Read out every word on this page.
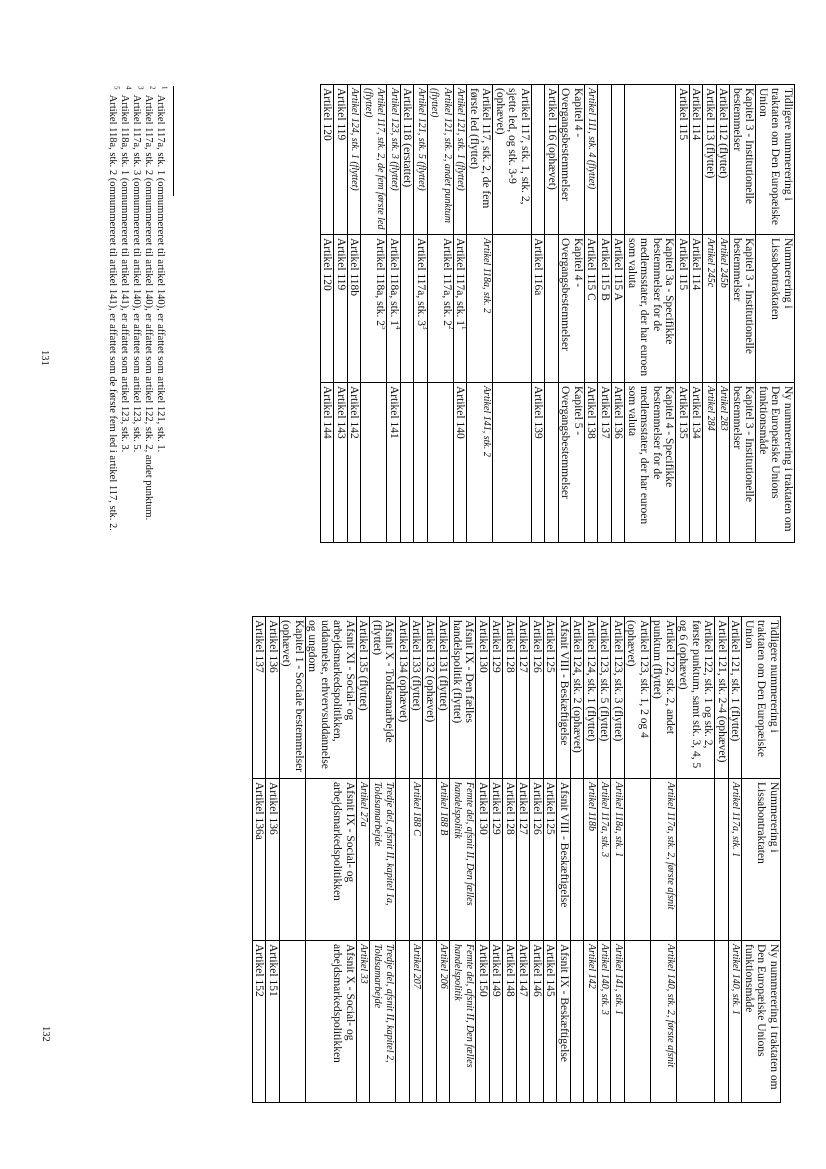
Tidligere nummerering i traktaten om Den Europæiske Union	Nummerering i Lissabontraktaten	Ny nummerering i traktaten om Den Europæiske Unions funktionsmåde
Kapitel 3 - Institutionelle bestemmelser	Kapitel 3 - Institutionelle bestemmelser	Kapitel 3 - Institutionelle bestemmelser
Artikel 112 (flyttet)	Artikel 245b	Artikel 283
Artikel 113 (flyttet)	Artikel 245c	Artikel 284
Artikel 114	Artikel 114	Artikel 134
Artikel 115	Artikel 115	Artikel 135
	Kapitel 3a - Specifikke bestemmelser for de medlemsstater, der har euroen som valuta	Kapitel 4 - Specifikke bestemmelser for de medlemsstater, der har euroen som valuta
	Artikel 115 A	Artikel 136
	Artikel 115 B	Artikel 137
Artikel 111, stk. 4 (flyttet)	Artikel 115 C	Artikel 138
Kapitel 4 - Overgangsbestemmelser	Kapitel 4 - Overgangsbestemmelser	Kapitel 5 - Overgangsbestemmelser
Artikel 116 (ophævet)		
	Artikel 116a	Artikel 139
Artikel 117, stk. 1, stk. 2, sjette led, og stk. 3-9 (ophævet)		
Artikel 117, stk. 2, de fem første led (flyttet)	Artikel 118a, stk. 2	Artikel 141, stk. 2
Artikel 121, stk. 1 (flyttet)	Artikel 117a, stk. $1^1$	Artikel 140
Artikel 121, stk. 2, andet punktum (flyttet)	Artikel 117a, stk. $2^2$	
Artikel 121, stk. 5 (flyttet)	Artikel 117a, stk. $3^3$	
Artikel 118 (erstattet)		
Artikel 123, stk. 3 (flyttet)	Artikel 118a, stk. $1^4$	Artikel 141
Artikel 117, stk. 2, de fem første led (flyttet)	Artikel 118a, stk. $2^5$	
Artikel 124, stk. 1 (flyttet)	Artikel 118b	Artikel 142
Artikel 119	Artikel 119	Artikel 143
Artikel 120	Artikel 120	Artikel 144

$^1$  Artikel 117a, stk. 1 (omnummereret til artikel 140), er affattet som artikel 121, stk. 1.

$^2$  Artikel 117a, stk. 2 (omnummereret til artikel 140), er affattet som artikel 122, stk. 2, andet punktum.

$^3$  Artikel 117a, stk. 3 (omnummereret til artikel 140), er affattet som artikel 123, stk. 5.

$^4$  Artikel 118a, stk. 1 (omnummereret til artikel 141), er affattet som artikel 123, stk. 3.

$^5$  Artikel 118a, stk. 2 (omnummereret til artikel 141), er affattet som de første fem led i artikel 117, stk. 2.

131
Tidligere nummerering i traktaten om Den Europæiske Union	Nummerering i Lissabontraktaten	Ny nummerering i traktaten om Den Europæiske Unions funktionsmåde
Artikel 121, stk. 1 (flyttet)	Artikel 117a, stk. 1	Artikel 140, stk. 1
Artikel 121, stk. 2-4 (ophævet)		
Artikel 122, stk. 1 og stk. 2, første punktum, samt stk. 3, 4, 5 og 6 (ophævet)		
Artikel 122, stk. 2, andet punktum (flyttet)	Artikel 117a, stk. 2, første afsnit	Artikel 140, stk. 2, første afsnit
Artikel 123, stk. 1, 2 og 4 (ophævet)		
Artikel 123, stk. 3 (flyttet)	Artikel 118a, stk. 1	Artikel 141, stk. 1
Artikel 123, stk. 5 (flyttet)	Artikel 117a, stk. 3	Artikel 140, stk. 3
Artikel 124, stk. 1 (flyttet)	Artikel 118b	Artikel 142
Artikel 124, stk. 2 (ophævet)		
Afsnit VIII - Beskæftigelse	Afsnit VIII - Beskæftigelse	Afsnit IX - Beskæftigelse
Artikel 125	Artikel 125	Artikel 145
Artikel 126	Artikel 126	Artikel 146
Artikel 127	Artikel 127	Artikel 147
Artikel 128	Artikel 128	Artikel 148
Artikel 129	Artikel 129	Artikel 149
Artikel 130	Artikel 130	Artikel 150
Afsnit IX - Den fælles handelspolitik (flyttet)	Femte del, afsnit II, Den fælles handelspolitik	Femte del, afsnit II, Den fælles handelspolitik
Artikel 131 (flyttet)	Artikel 188 B	Artikel 206
Artikel 132 (ophævet)		
Artikel 133 (flyttet)	Artikel 188 C	Artikel 207
Artikel 134 (ophævet)		
Afsnit X - Toldsamarbejde (flyttet)	Tredje del, afsnit II, kapitel 1a, Toldsamarbejde	Tredje del, afsnit II, kapitel 2, Toldsamarbejde
Artikel 135 (flyttet)	Artikel 27a	Artikel 33
Afsnit XI - Social- og arbejdsmarkedspolitikken, uddannelse, erhvervsuddannelse og ungdom	Afsnit IX - Social- og arbejdsmarkedspolitikken	Afsnit X - Social- og arbejdsmarkedspolitikken
Kapitel 1 - Sociale bestemmelser (ophævet)		
Artikel 136	Artikel 136	Artikel 151
Artikel 137	Artikel 136a	Artikel 152
132
